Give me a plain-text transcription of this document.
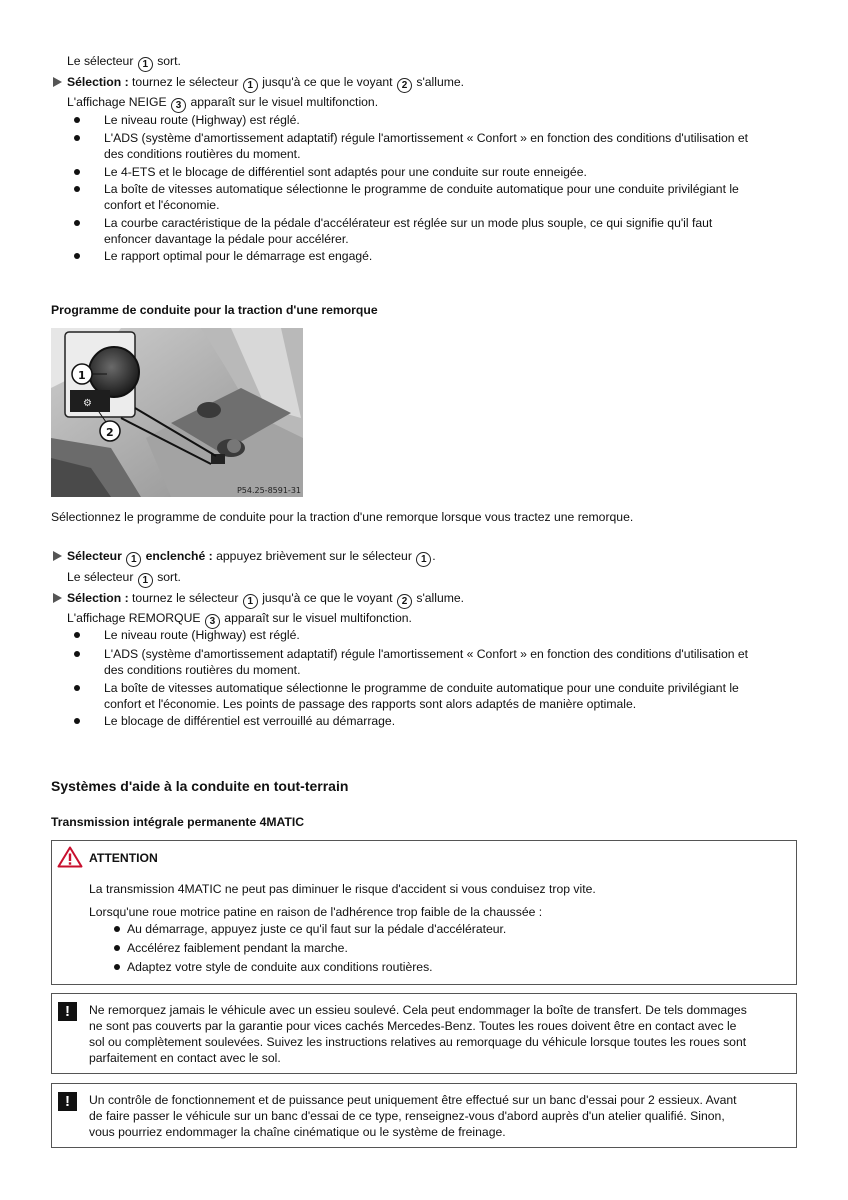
Le sélecteur 1 sort.
Sélection : tournez le sélecteur 1 jusqu'à ce que le voyant 2 s'allume.
L'affichage NEIGE 3 apparaît sur le visuel multifonction.
Le niveau route (Highway) est réglé.
L'ADS (système d'amortissement adaptatif) régule l'amortissement « Confort » en fonction des conditions d'utilisation et
des conditions routières du moment.
Le 4-ETS et le blocage de différentiel sont adaptés pour une conduite sur route enneigée.
La boîte de vitesses automatique sélectionne le programme de conduite automatique pour une conduite privilégiant le
confort et l'économie.
La courbe caractéristique de la pédale d'accélérateur est réglée sur un mode plus souple, ce qui signifie qu'il faut
enfoncer davantage la pédale pour accélérer.
Le rapport optimal pour le démarrage est engagé.
Programme de conduite pour la traction d'une remorque
⚙
1
2
P54.25-8591-31
Sélectionnez le programme de conduite pour la traction d'une remorque lorsque vous tractez une remorque.
Sélecteur 1 enclenché : appuyez brièvement sur le sélecteur 1 .
Le sélecteur 1 sort.
Sélection : tournez le sélecteur 1 jusqu'à ce que le voyant 2 s'allume.
L'affichage REMORQUE 3 apparaît sur le visuel multifonction.
Le niveau route (Highway) est réglé.
L'ADS (système d'amortissement adaptatif) régule l'amortissement « Confort » en fonction des conditions d'utilisation et
des conditions routières du moment.
La boîte de vitesses automatique sélectionne le programme de conduite automatique pour une conduite privilégiant le
confort et l'économie. Les points de passage des rapports sont alors adaptés de manière optimale.
Le blocage de différentiel est verrouillé au démarrage.
Systèmes d'aide à la conduite en tout-terrain
Transmission intégrale permanente 4MATIC
ATTENTION
La transmission 4MATIC ne peut pas diminuer le risque d'accident si vous conduisez trop vite.
Lorsqu'une roue motrice patine en raison de l'adhérence trop faible de la chaussée :
Au démarrage, appuyez juste ce qu'il faut sur la pédale d'accélérateur.
Accélérez faiblement pendant la marche.
Adaptez votre style de conduite aux conditions routières.
!	Ne remorquez jamais le véhicule avec un essieu soulevé. Cela peut endommager la boîte de transfert. De tels dommages
ne sont pas couverts par la garantie pour vices cachés Mercedes-Benz. Toutes les roues doivent être en contact avec le
sol ou complètement soulevées. Suivez les instructions relatives au remorquage du véhicule lorsque toutes les roues sont
parfaitement en contact avec le sol.
!	Un contrôle de fonctionnement et de puissance peut uniquement être effectué sur un banc d'essai pour 2 essieux. Avant
de faire passer le véhicule sur un banc d'essai de ce type, renseignez-vous d'abord auprès d'un atelier qualifié. Sinon,
vous pourriez endommager la chaîne cinématique ou le système de freinage.
